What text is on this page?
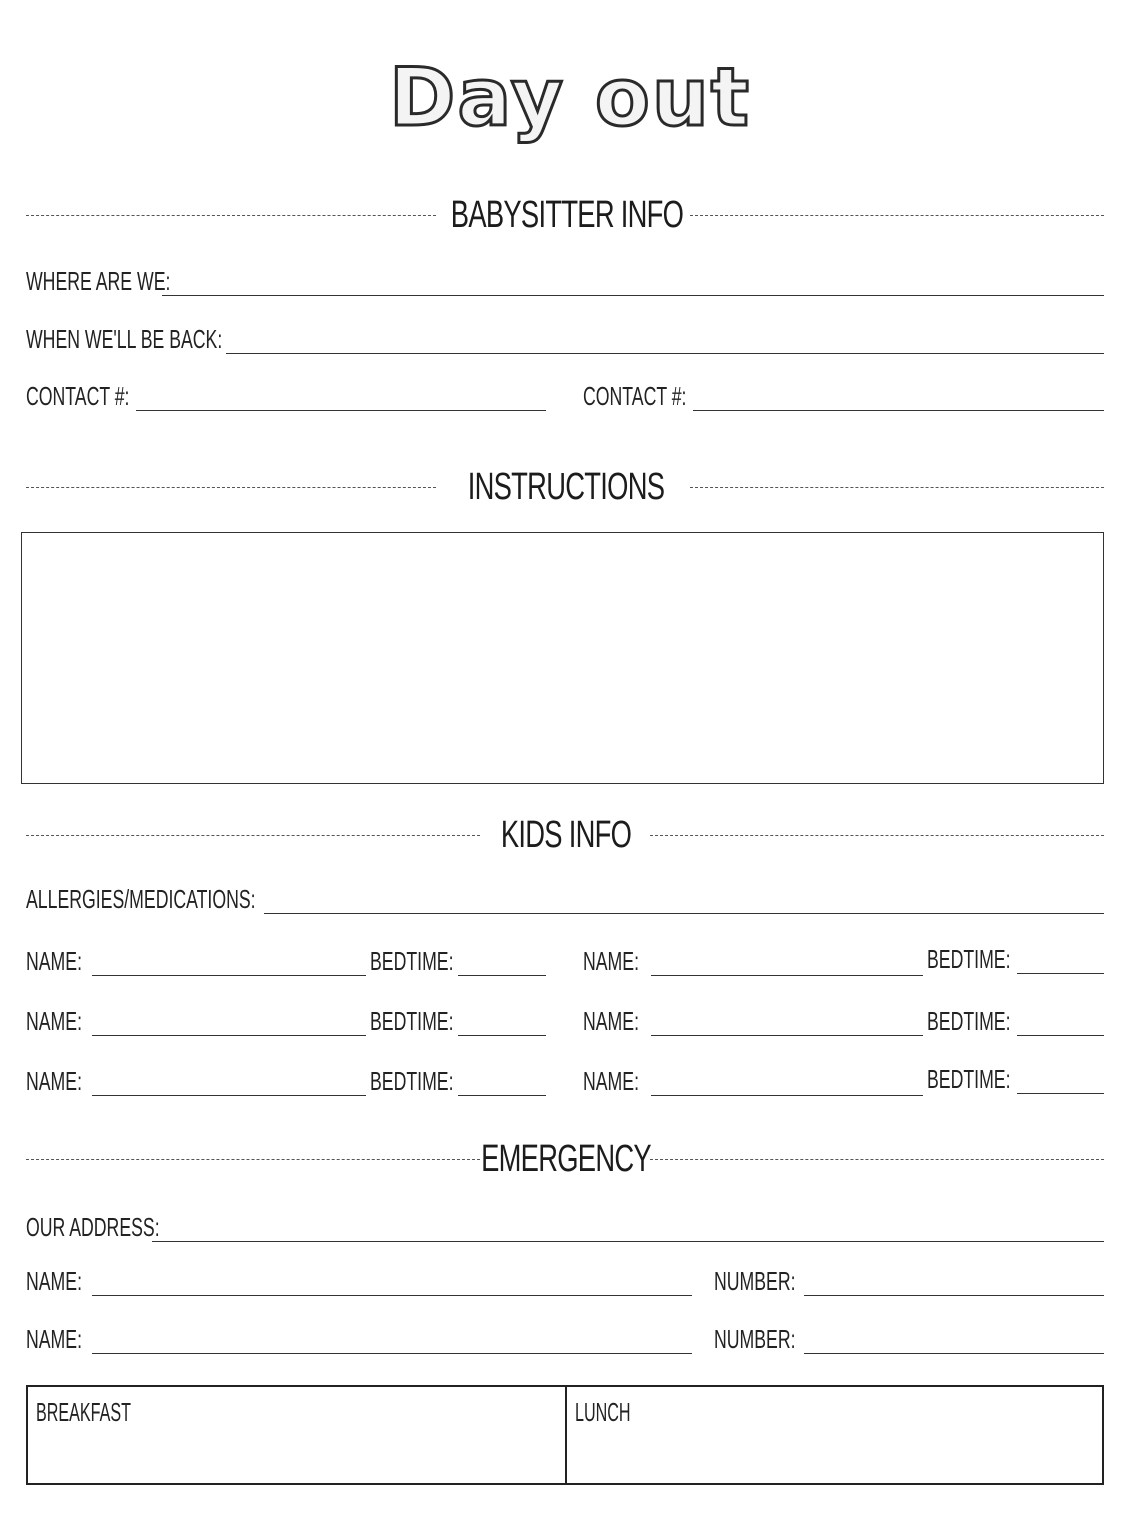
Day out
BABYSITTER INFO
WHERE ARE WE:
WHEN WE'LL BE BACK:
CONTACT #:	CONTACT #:
INSTRUCTIONS
KIDS INFO
ALLERGIES/MEDICATIONS:
NAME:	BEDTIME:	NAME:	BEDTIME:
NAME:	BEDTIME:	NAME:	BEDTIME:
NAME:	BEDTIME:	NAME:	BEDTIME:
EMERGENCY
OUR ADDRESS:
NAME:	NUMBER:
NAME:	NUMBER:
BREAKFAST	LUNCH
